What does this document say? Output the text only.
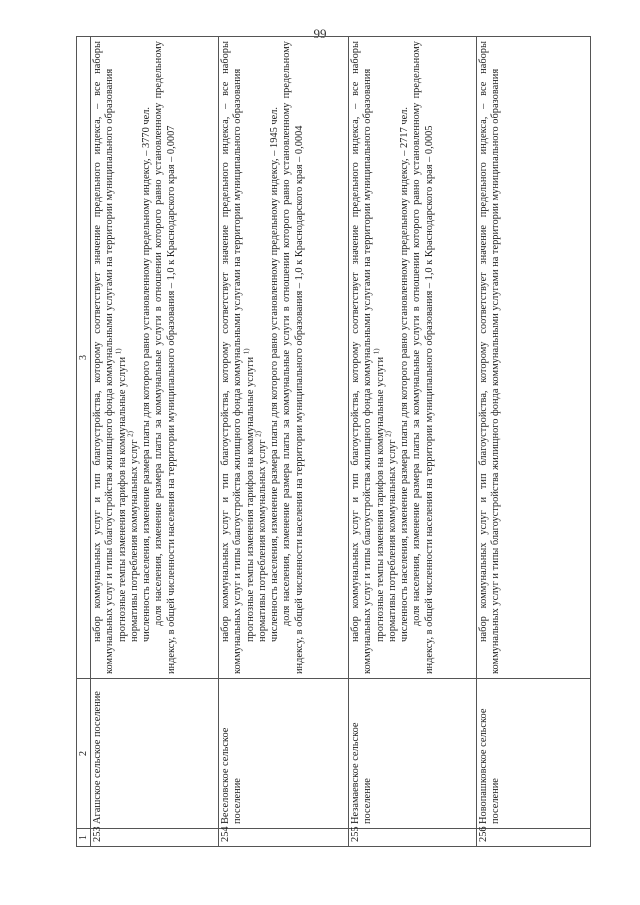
99
1	2	3
253	Агашское сельское поселение	набор коммунальных услуг и тип благоустройства, которому соответствует значение предельного индекса, – все наборы коммунальных услуг и типы благоустройства жилищного фонда коммунальными услугами на территории муниципального образования прогнозные темпы изменения тарифов на коммунальные услуги $^{1)}$

нормативы потребления коммунальных услуг $^{2)}$ численность населения, изменение размера платы для которого равно установленному предельному индексу, – 3770 чел. доля населения, изменение размера платы за коммунальные услуги в отношении которого равно установленному предельному индексу, в общей численности населения на территории муниципального образования – 1,0 к Краснодарского края – 0,0007

254	Веселовское сельское поселение	набор коммунальных услуг и тип благоустройства, которому соответствует значение предельного индекса, – все наборы коммунальных услуг и типы благоустройства жилищного фонда коммунальными услугами на территории муниципального образования прогнозные темпы изменения тарифов на коммунальные услуги $^{1)}$

нормативы потребления коммунальных услуг $^{2)}$ численность населения, изменение размера платы для которого равно установленному предельному индексу, – 1945 чел. доля населения, изменение размера платы за коммунальные услуги в отношении которого равно установленному предельному индексу, в общей численности населения на территории муниципального образования – 1,0 к Краснодарского края – 0,0004

255	Незамаевское сельское поселение	набор коммунальных услуг и тип благоустройства, которому соответствует значение предельного индекса, – все наборы коммунальных услуг и типы благоустройства жилищного фонда коммунальными услугами на территории муниципального образования прогнозные темпы изменения тарифов на коммунальные услуги $^{1)}$

нормативы потребления коммунальных услуг $^{2)}$ численность населения, изменение размера платы для которого равно установленному предельному индексу, – 2717 чел. доля населения, изменение размера платы за коммунальные услуги в отношении которого равно установленному предельному индексу, в общей численности населения на территории муниципального образования – 1,0 к Краснодарского края – 0,0005

256	Новопашковское сельское поселение	набор коммунальных услуг и тип благоустройства, которому соответствует значение предельного индекса, – все наборы коммунальных услуг и типы благоустройства жилищного фонда коммунальными услугами на территории муниципального образования
